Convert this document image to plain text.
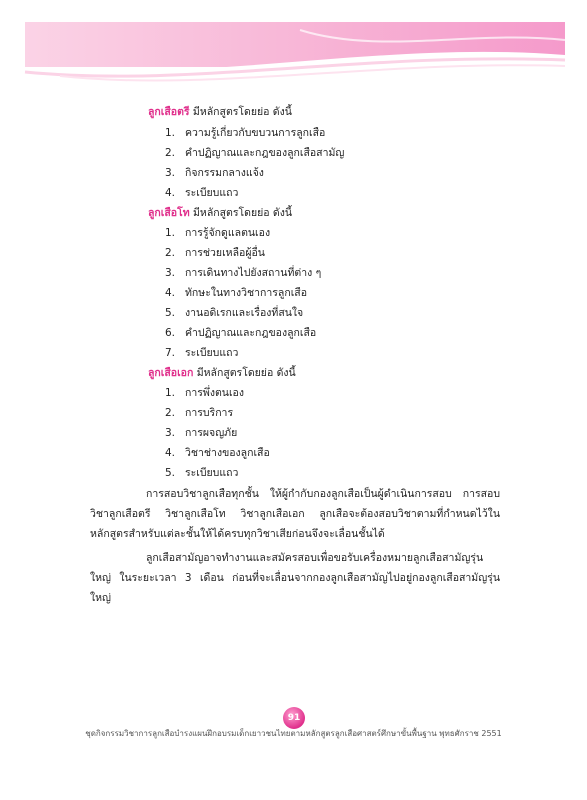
ลูกเสือตรี มีหลักสูตรโดยย่อ ดังนี้
1. ความรู้เกี่ยวกับขบวนการลูกเสือ
2. คำปฏิญาณและกฎของลูกเสือสามัญ
3. กิจกรรมกลางแจ้ง
4. ระเบียบแถว
ลูกเสือโท มีหลักสูตรโดยย่อ ดังนี้
1. การรู้จักดูแลตนเอง
2. การช่วยเหลือผู้อื่น
3. การเดินทางไปยังสถานที่ต่าง ๆ
4. ทักษะในทางวิชาการลูกเสือ
5. งานอดิเรกและเรื่องที่สนใจ
6. คำปฏิญาณและกฎของลูกเสือ
7. ระเบียบแถว
ลูกเสือเอก มีหลักสูตรโดยย่อ ดังนี้
1. การพึ่งตนเอง
2. การบริการ
3. การผจญภัย
4. วิชาช่างของลูกเสือ
5. ระเบียบแถว

การสอบวิชาลูกเสือทุกชั้น ให้ผู้กำกับกองลูกเสือเป็นผู้ดำเนินการสอบ การสอบวิชาลูกเสือตรี วิชาลูกเสือโท วิชาลูกเสือเอก ลูกเสือจะต้องสอบวิชาตามที่กำหนดไว้ในหลักสูตรสำหรับแต่ละชั้นให้ได้ครบทุกวิชาเสียก่อนจึงจะเลื่อนชั้นได้

ลูกเสือสามัญอาจทำงานและสมัครสอบเพื่อขอรับเครื่องหมายลูกเสือสามัญรุ่นใหญ่ ในระยะเวลา 3 เดือน ก่อนที่จะเลื่อนจากกองลูกเสือสามัญไปอยู่กองลูกเสือสามัญรุ่นใหญ่

91
ชุดกิจกรรมวิชาการลูกเสือบำรงแผนฝึกอบรมเด็กเยาวชนไทยตามหลักสูตรลูกเสือศาสตร์ศึกษาขั้นพื้นฐาน พุทธศักราช 2551
